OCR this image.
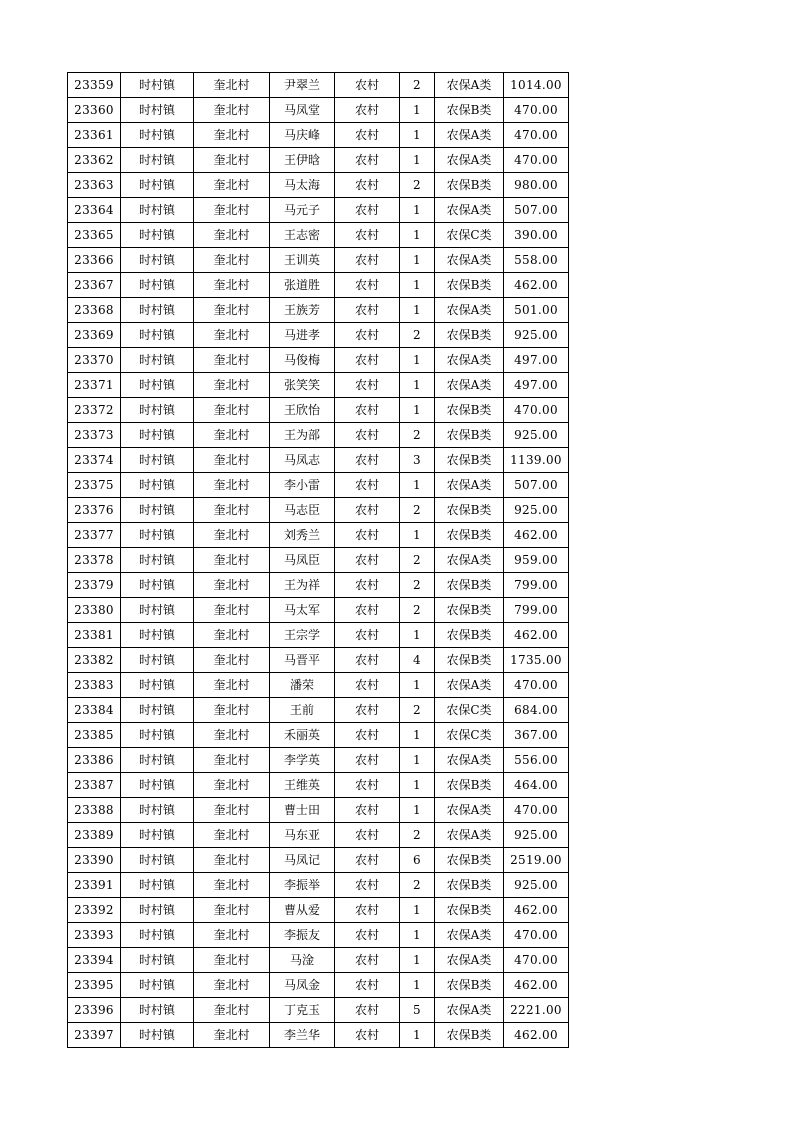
23359	时村镇	奎北村	尹翠兰	农村	2	农保A类	1014.00
23360	时村镇	奎北村	马凤堂	农村	1	农保B类	470.00
23361	时村镇	奎北村	马庆峰	农村	1	农保A类	470.00
23362	时村镇	奎北村	王伊晗	农村	1	农保A类	470.00
23363	时村镇	奎北村	马太海	农村	2	农保B类	980.00
23364	时村镇	奎北村	马元子	农村	1	农保A类	507.00
23365	时村镇	奎北村	王志密	农村	1	农保C类	390.00
23366	时村镇	奎北村	王训英	农村	1	农保A类	558.00
23367	时村镇	奎北村	张道胜	农村	1	农保B类	462.00
23368	时村镇	奎北村	王族芳	农村	1	农保A类	501.00
23369	时村镇	奎北村	马进孝	农村	2	农保B类	925.00
23370	时村镇	奎北村	马俊梅	农村	1	农保A类	497.00
23371	时村镇	奎北村	张笑笑	农村	1	农保A类	497.00
23372	时村镇	奎北村	王欣怡	农村	1	农保B类	470.00
23373	时村镇	奎北村	王为部	农村	2	农保B类	925.00
23374	时村镇	奎北村	马凤志	农村	3	农保B类	1139.00
23375	时村镇	奎北村	李小雷	农村	1	农保A类	507.00
23376	时村镇	奎北村	马志臣	农村	2	农保B类	925.00
23377	时村镇	奎北村	刘秀兰	农村	1	农保B类	462.00
23378	时村镇	奎北村	马凤臣	农村	2	农保A类	959.00
23379	时村镇	奎北村	王为祥	农村	2	农保B类	799.00
23380	时村镇	奎北村	马太军	农村	2	农保B类	799.00
23381	时村镇	奎北村	王宗学	农村	1	农保B类	462.00
23382	时村镇	奎北村	马晋平	农村	4	农保B类	1735.00
23383	时村镇	奎北村	潘荣	农村	1	农保A类	470.00
23384	时村镇	奎北村	王前	农村	2	农保C类	684.00
23385	时村镇	奎北村	禾丽英	农村	1	农保C类	367.00
23386	时村镇	奎北村	李学英	农村	1	农保A类	556.00
23387	时村镇	奎北村	王维英	农村	1	农保B类	464.00
23388	时村镇	奎北村	曹士田	农村	1	农保A类	470.00
23389	时村镇	奎北村	马东亚	农村	2	农保A类	925.00
23390	时村镇	奎北村	马凤记	农村	6	农保B类	2519.00
23391	时村镇	奎北村	李振举	农村	2	农保B类	925.00
23392	时村镇	奎北村	曹从爱	农村	1	农保B类	462.00
23393	时村镇	奎北村	李振友	农村	1	农保A类	470.00
23394	时村镇	奎北村	马淦	农村	1	农保A类	470.00
23395	时村镇	奎北村	马凤金	农村	1	农保B类	462.00
23396	时村镇	奎北村	丁克玉	农村	5	农保A类	2221.00
23397	时村镇	奎北村	李兰华	农村	1	农保B类	462.00
